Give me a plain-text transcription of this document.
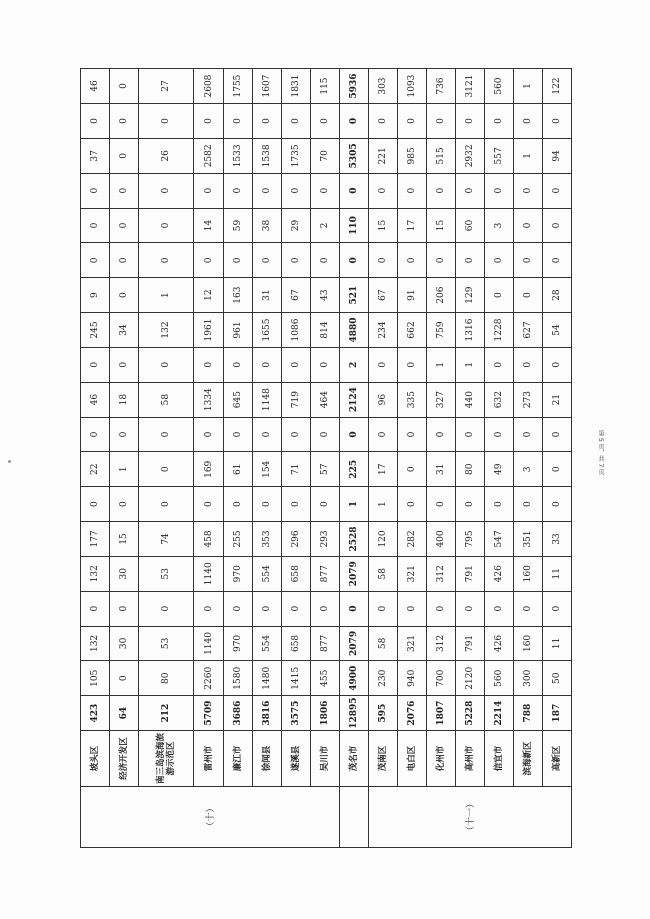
（十）	坡头区	423	105	132	0	132	177	0	22	0	46	0	245	9	0	0	0	37	0	46
	经济开发区	64	0	30	0	30	15	0	1	0	18	0	34	0	0	0	0	0	0	0
	南三岛滨海旅游示范区	212	80	53	0	53	74	0	0	0	58	0	132	1	0	0	0	26	0	27
	雷州市	5709	2260	1140	0	1140	458	0	169	0	1334	0	1961	12	0	14	0	2582	0	2608
	廉江市	3686	1580	970	0	970	255	0	61	0	645	0	961	163	0	59	0	1533	0	1755
	徐闻县	3816	1480	554	0	554	353	0	154	0	1148	0	1655	31	0	38	0	1538	0	1607
	遂溪县	3575	1415	658	0	658	296	0	71	0	719	0	1086	67	0	29	0	1735	0	1831
	吴川市	1806	455	877	0	877	293	0	57	0	464	0	814	43	0	2	0	70	0	115
	茂名市	12895	4900	2079	0	2079	2528	1	225	0	2124	2	4880	521	0	110	0	5305	0	5936
（十一）	茂南区	595	230	58	0	58	120	1	17	0	96	0	234	67	0	15	0	221	0	303
	电白区	2076	940	321	0	321	282	0	0	0	335	0	662	91	0	17	0	985	0	1093
	化州市	1807	700	312	0	312	400	0	31	0	327	1	759	206	0	15	0	515	0	736
	高州市	5228	2120	791	0	791	795	0	80	0	440	1	1316	129	0	60	0	2932	0	3121
	信宜市	2214	560	426	0	426	547	0	49	0	632	0	1228	0	0	3	0	557	0	560
	滨海新区	788	300	160	0	160	351	0	3	0	273	0	627	0	0	0	0	1	0	1
	高新区	187	50	11	0	11	33	0	0	0	21	0	54	28	0	0	0	94	0	122
第 5 页，共 7 页
